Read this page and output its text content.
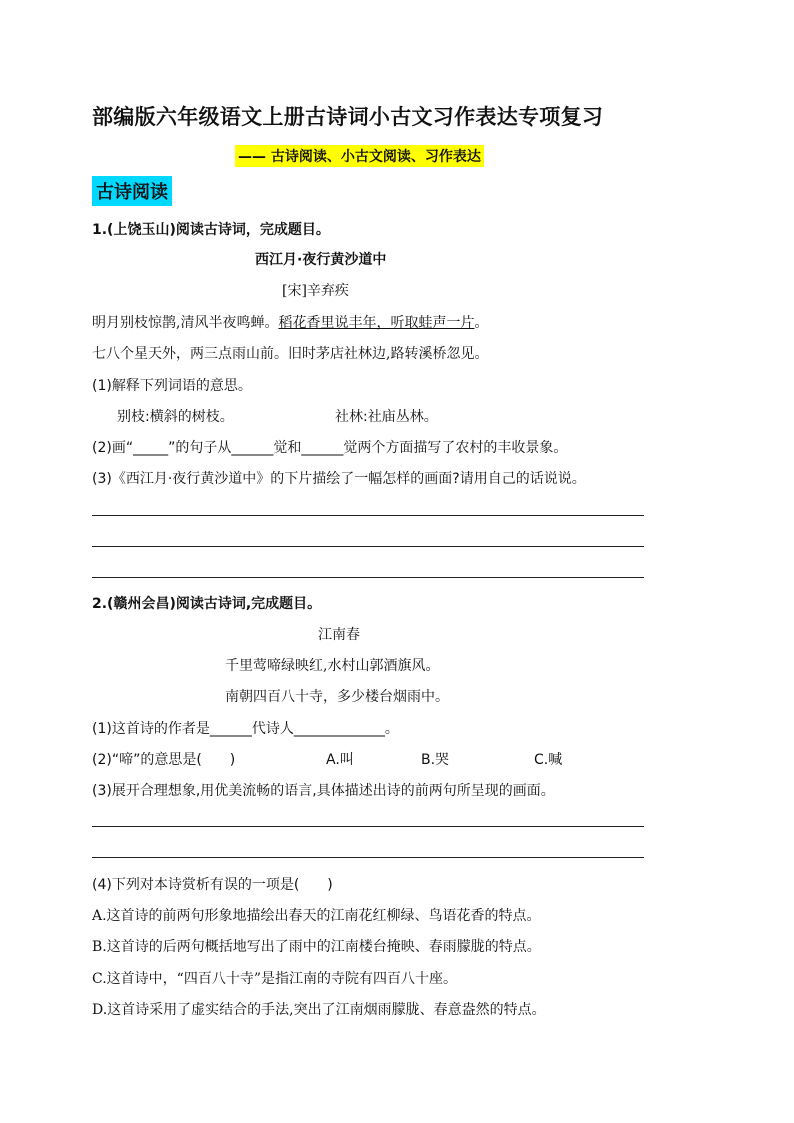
部编版六年级语文上册古诗词小古文习作表达专项复习
—— 古诗阅读、小古文阅读、习作表达
古诗阅读
1.(上饶玉山)阅读古诗词，完成题目。
西江月·夜行黄沙道中
[宋]辛弃疾
明月别枝惊鹊,清风半夜鸣蝉。稻花香里说丰年，听取蛙声一片。
七八个星天外，两三点雨山前。旧时茅店社林边,路转溪桥忽见。
(1)解释下列词语的意思。
别枝:横斜的树枝。	社林:社庙丛林。
(2)画“_____”的句子从______觉和______觉两个方面描写了农村的丰收景象。
(3)《西江月·夜行黄沙道中》的下片描绘了一幅怎样的画面?请用自己的话说说。
2.(赣州会昌)阅读古诗词,完成题目。
江南春
千里莺啼绿映红,水村山郭酒旗风。
南朝四百八十寺，多少楼台烟雨中。
(1)这首诗的作者是______代诗人_____________。
(2)“啼”的意思是(　　)	A.叫	B.哭	C.喊
(3)展开合理想象,用优美流畅的语言,具体描述出诗的前两句所呈现的画面。
(4)下列对本诗赏析有误的一项是(　　)
A.这首诗的前两句形象地描绘出春天的江南花红柳绿、鸟语花香的特点。
B.这首诗的后两句概括地写出了雨中的江南楼台掩映、春雨朦胧的特点。
C.这首诗中，“四百八十寺”是指江南的寺院有四百八十座。
D.这首诗采用了虚实结合的手法,突出了江南烟雨朦胧、春意盎然的特点。
